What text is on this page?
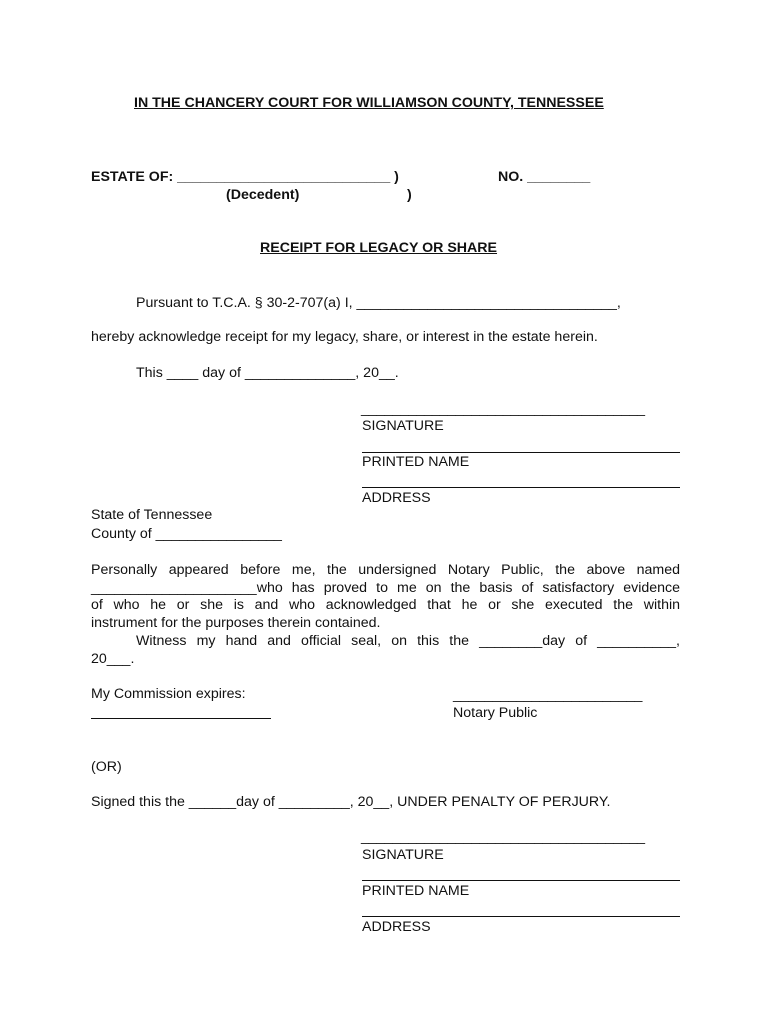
IN THE CHANCERY COURT FOR WILLIAMSON COUNTY, TENNESSEE
ESTATE OF: ___________________________ )
(Decedent)	)
NO. ________
RECEIPT FOR LEGACY OR SHARE
Pursuant to T.C.A. § 30-2-707(a) I, _________________________________,
hereby acknowledge receipt for my legacy, share, or interest in the estate herein.
This ____ day of ______________, 20__.
____________________________________
SIGNATURE
PRINTED NAME
ADDRESS
State of Tennessee
County of ________________
Personally appeared before me, the undersigned Notary Public, the above named
_____________________who has proved to me on the basis of satisfactory evidence
of who he or she is and who acknowledged that he or she executed the within
instrument for the purposes therein contained.
Witness my hand and official seal, on this the ________day of __________,
20___.
My Commission expires:	________________________
Notary Public
(OR)
Signed this the ______day of _________, 20__, UNDER PENALTY OF PERJURY.
____________________________________
SIGNATURE
PRINTED NAME
ADDRESS
